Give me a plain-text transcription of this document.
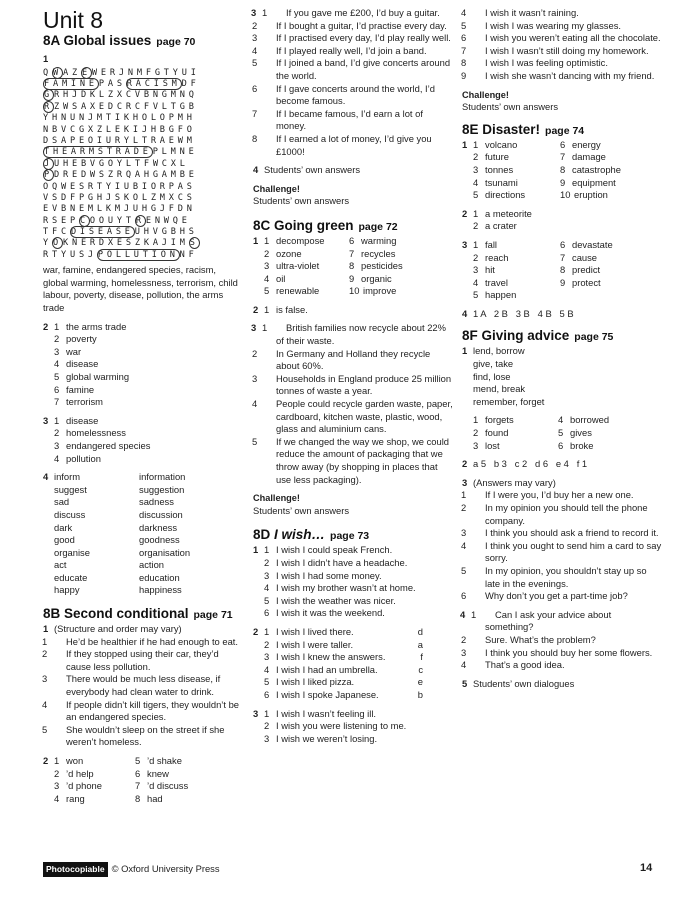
Unit 8
8A Global issues page 70
1
QWAZEWERJNMFGTYUI
FAMINEPASRACISMDF
GRHJDKLZXCVBNGMNQ
RZWSAXEDCRCFVLTGB
YHNUNJMTIKHOLOPMH
NBVCGXZLEKIJHBGFO
DSAPEOIURYLTRAEWM
THEARMSTRADEPLMNE
JUHEBVGOYLTFWCXL
PDREDWSZRQAHGAMBE
OQWESRTYIUBIORPAS
VSDFPGHJSKOLZMXCS
EVBNEMLKMJUHGJFDN
RSEPCOOUYTRENWQE
TFCDISEASEUHVGBHS
YOKNERDXESZKAJIMS
RTYUSJPOLLUTIONNF
war, famine, endangered species, racism, global warming, homelessness, terrorism, child labour, poverty, disease, pollution, the arms trade
2 1 the arms trade
2 poverty
3 war
4 disease
5 global warming
6 famine
7 terrorism
3 1 disease
2 homelessness
3 endangered species
4 pollution
4 inform	information
suggest	suggestion
sad	sadness
discuss	discussion
dark	darkness
good	goodness
organise	organisation
act	action
educate	education
happy	happiness
8B Second conditional page 71
1 (Structure and order may vary)
1 He’d be healthier if he had enough to eat.
2 If they stopped using their car, they’d cause less pollution.
3 There would be much less disease, if everybody had clean water to drink.
4 If people didn’t kill tigers, they wouldn’t be an endangered species.
5 She wouldn’t sleep on the street if she weren’t homeless.
2 1 won	5 ’d shake
2 ’d help	6 knew
3 ’d phone	7 ’d discuss
4 rang	8 had
3 1 If you gave me £200, I’d buy a guitar.
2 If I bought a guitar, I’d practise every day.
3 If I practised every day, I’d play really well.
4 If I played really well, I’d join a band.
5 If I joined a band, I’d give concerts around the world.
6 If I gave concerts around the world, I’d become famous.
7 If I became famous, I’d earn a lot of money.
8 If I earned a lot of money, I’d give you £1000!
4 Students’ own answers
Challenge!
Students’ own answers
8C Going green page 72
1 1 decompose	6 warming
2 ozone	7 recycles
3 ultra-violet	8 pesticides
4 oil	9 organic
5 renewable	10 improve
2 1 is false.
3 1 British families now recycle about 22% of their waste.
2 In Germany and Holland they recycle about 60%.
3 Households in England produce 25 million tonnes of waste a year.
4 People could recycle garden waste, paper, cardboard, kitchen waste, plastic, wood, glass and aluminium cans.
5 If we changed the way we shop, we could reduce the amount of packaging that we throw away (by shopping in places that use less packaging).
Challenge!
Students’ own answers
8D I wish… page 73
1 1 I wish I could speak French.
2 I wish I didn’t have a headache.
3 I wish I had some money.
4 I wish my brother wasn’t at home.
5 I wish the weather was nicer.
6 I wish it was the weekend.
2 1 I wish I lived there.	d
2 I wish I were taller.	a
3 I wish I knew the answers.	f
4 I wish I had an umbrella.	c
5 I wish I liked pizza.	e
6 I wish I spoke Japanese.	b
3 1 I wish I wasn’t feeling ill.
2 I wish you were listening to me.
3 I wish we weren’t losing.
4 I wish it wasn’t raining.
5 I wish I was wearing my glasses.
6 I wish you weren’t eating all the chocolate.
7 I wish I wasn’t still doing my homework.
8 I wish I was feeling optimistic.
9 I wish she wasn’t dancing with my friend.
Challenge!
Students’ own answers
8E Disaster! page 74
1 1 volcano	6 energy
2 future	7 damage
3 tonnes	8 catastrophe
4 tsunami	9 equipment
5 directions	10 eruption
2 1 a meteorite
2 a crater
3 1 fall	6 devastate
2 reach	7 cause
3 hit	8 predict
4 travel	9 protect
5 happen
4 1 A   2 B   3 B   4 B   5 B
8F Giving advice page 75
1 lend, borrow
give, take
find, lose
mend, break
remember, forget
1 forgets	4 borrowed
2 found	5 gives
3 lost	6 broke
2 a 5   b 3   c 2   d 6   e 4   f 1
3 (Answers may vary)
1 If I were you, I’d buy her a new one.
2 In my opinion you should tell the phone company.
3 I think you should ask a friend to record it.
4 I think you ought to send him a card to say sorry.
5 In my opinion, you shouldn’t stay up so late in the evenings.
6 Why don’t you get a part-time job?
4 1 Can I ask your advice about something?
2 Sure. What’s the problem?
3 I think you should buy her some flowers.
4 That’s a good idea.
5 Students’ own dialogues
Photocopiable © Oxford University Press	14
